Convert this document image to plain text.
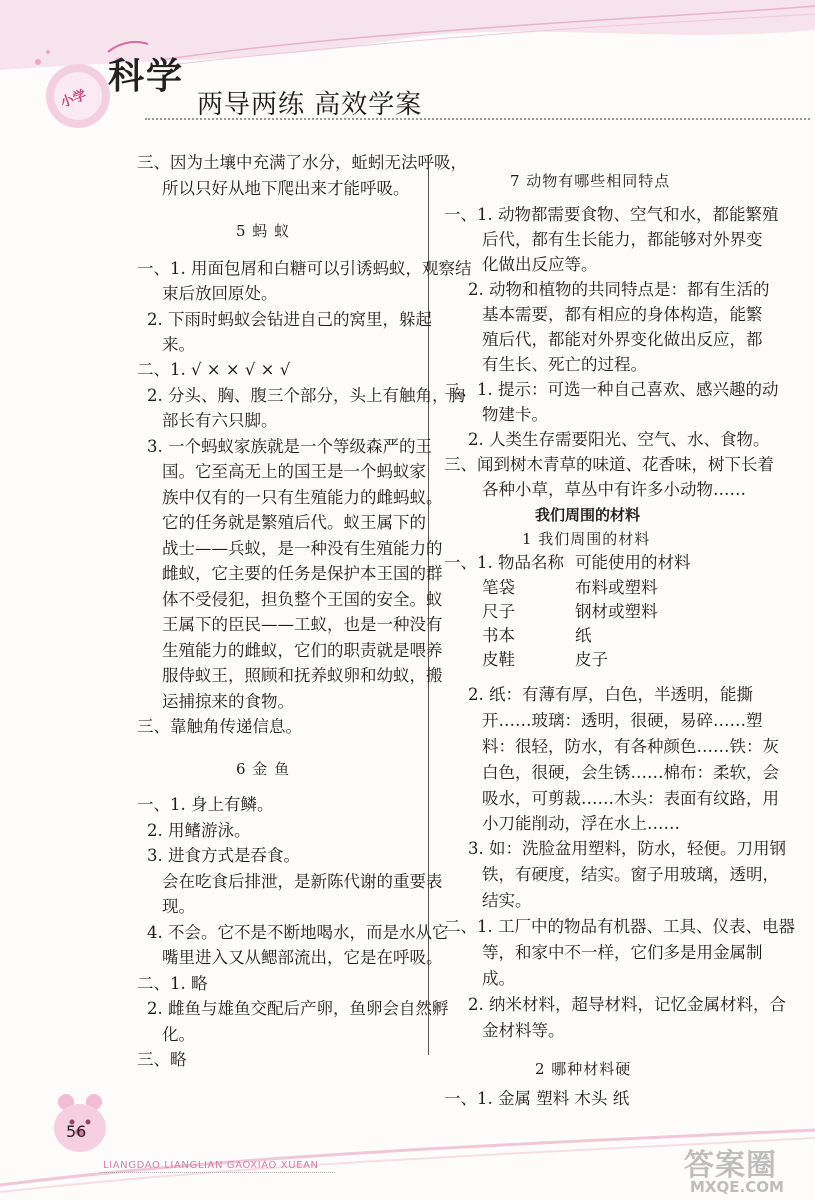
小学
科学
两导两练 高效学案
三、因为土壤中充满了水分，蚯蚓无法呼吸，
所以只好从地下爬出来才能呼吸。
5 蚂 蚁
一、1. 用面包屑和白糖可以引诱蚂蚁，观察结
束后放回原处。
2. 下雨时蚂蚁会钻进自己的窝里，躲起
来。
二、1. √ × × √ × √
2. 分头、胸、腹三个部分，头上有触角，胸
部长有六只脚。
3. 一个蚂蚁家族就是一个等级森严的王
国。它至高无上的国王是一个蚂蚁家
族中仅有的一只有生殖能力的雌蚂蚁。
它的任务就是繁殖后代。蚁王属下的
战士——兵蚁，是一种没有生殖能力的
雌蚁，它主要的任务是保护本王国的群
体不受侵犯，担负整个王国的安全。蚁
王属下的臣民——工蚁，也是一种没有
生殖能力的雌蚁，它们的职责就是喂养
服侍蚁王，照顾和抚养蚁卵和幼蚁，搬
运捕掠来的食物。
三、靠触角传递信息。
6 金 鱼
一、1. 身上有鳞。
2. 用鳍游泳。
3. 进食方式是吞食。
会在吃食后排泄，是新陈代谢的重要表
现。
4. 不会。它不是不断地喝水，而是水从它
嘴里进入又从鳃部流出，它是在呼吸。
二、1. 略
2. 雌鱼与雄鱼交配后产卵，鱼卵会自然孵
化。
三、略
7 动物有哪些相同特点
一、1. 动物都需要食物、空气和水，都能繁殖
后代，都有生长能力，都能够对外界变
化做出反应等。
2. 动物和植物的共同特点是：都有生活的
基本需要，都有相应的身体构造，能繁
殖后代，都能对外界变化做出反应，都
有生长、死亡的过程。
二、1. 提示：可选一种自己喜欢、感兴趣的动
物建卡。
2. 人类生存需要阳光、空气、水、食物。
三、闻到树木青草的味道、花香味，树下长着
各种小草，草丛中有许多小动物……
我们周围的材料
1 我们周围的材料
一、1. 物品名称 可能使用的材料
笔袋	布料或塑料
尺子	钢材或塑料
书本	纸
皮鞋	皮子
2. 纸：有薄有厚，白色，半透明，能撕
开……玻璃：透明，很硬，易碎……塑
料：很轻，防水，有各种颜色……铁：灰
白色，很硬，会生锈……棉布：柔软，会
吸水，可剪裁……木头：表面有纹路，用
小刀能削动，浮在水上……
3. 如：洗脸盆用塑料，防水，轻便。刀用钢
铁，有硬度，结实。窗子用玻璃，透明，
结实。
二、1. 工厂中的物品有机器、工具、仪表、电器
等，和家中不一样，它们多是用金属制
成。
2. 纳米材料，超导材料，记忆金属材料，合
金材料等。
2 哪种材料硬
一、1. 金属 塑料 木头 纸
56
LIANGDAO LIANGLIAN GAOXIAO XUEAN	答案圈
MXQE.COM
